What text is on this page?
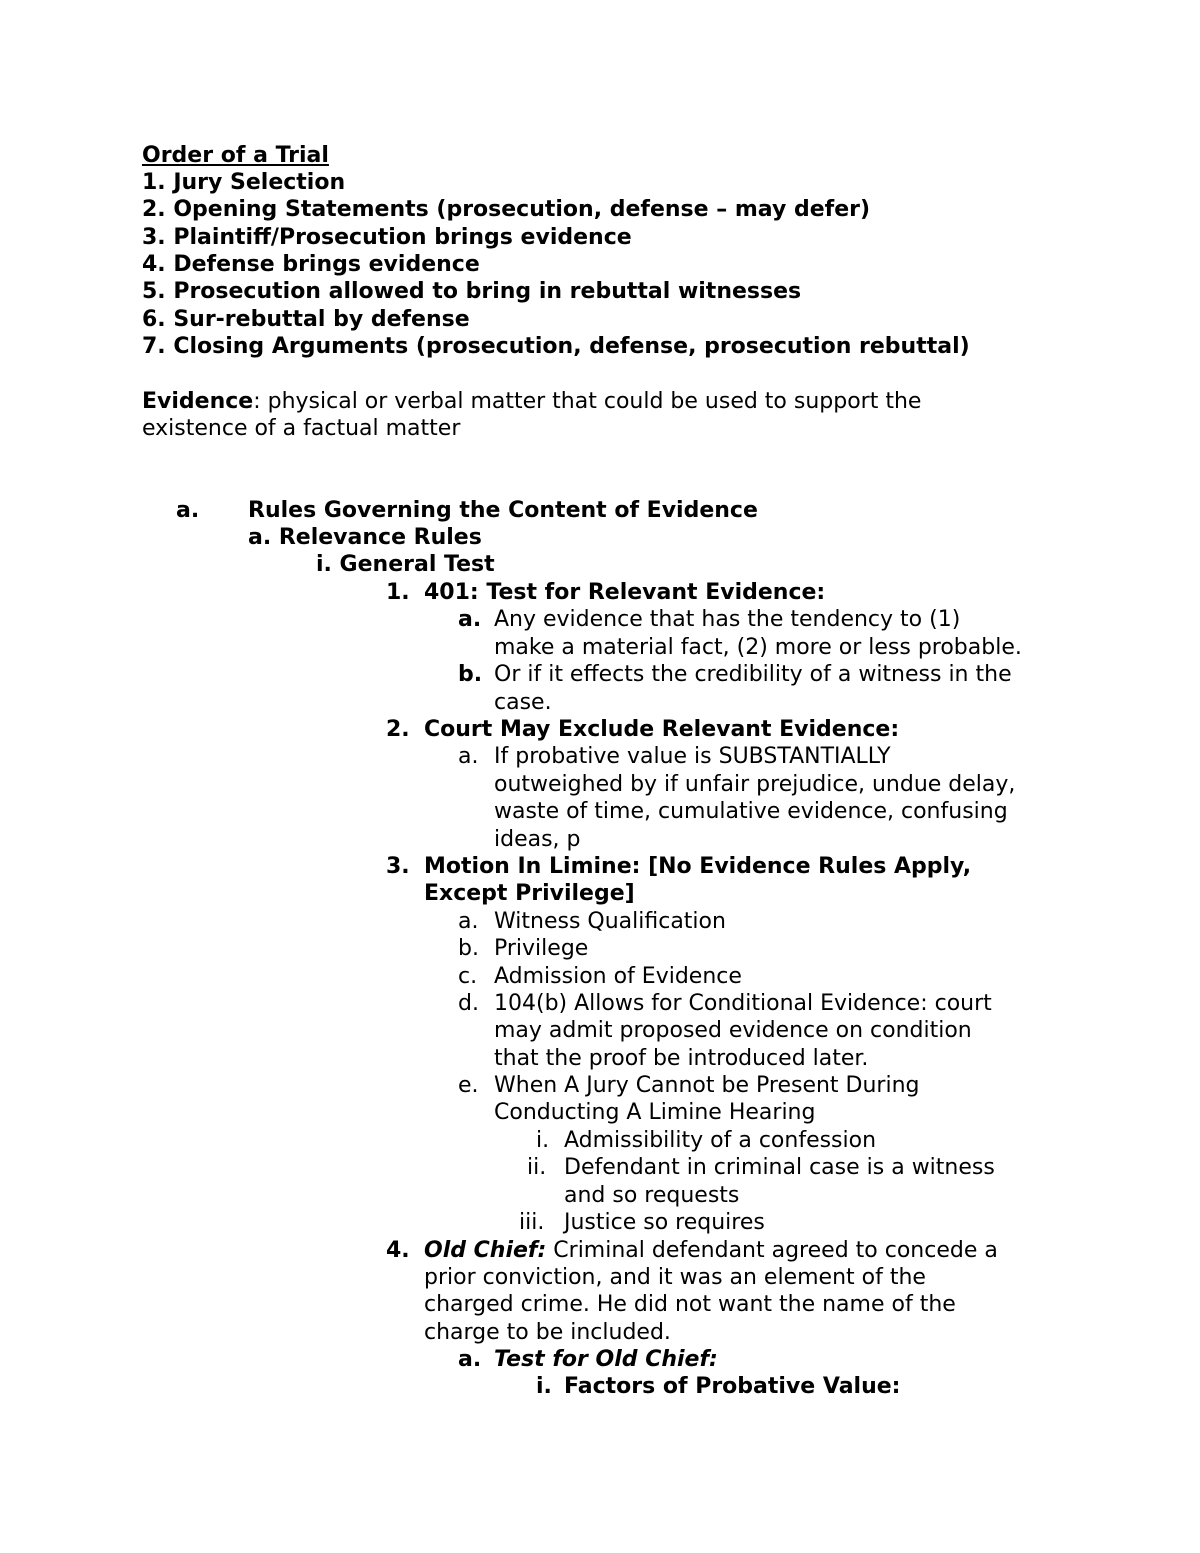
Order of a Trial
1. Jury Selection
2. Opening Statements (prosecution, defense – may defer)
3. Plaintiff/Prosecution brings evidence
4. Defense brings evidence
5. Prosecution allowed to bring in rebuttal witnesses
6. Sur-rebuttal by defense
7. Closing Arguments (prosecution, defense, prosecution rebuttal)
Evidence: physical or verbal matter that could be used to support the
existence of a factual matter
a. Rules Governing the Content of Evidence
a. Relevance Rules
i. General Test
1. 401: Test for Relevant Evidence:
a. Any evidence that has the tendency to (1)
make a material fact, (2) more or less probable.
b. Or if it effects the credibility of a witness in the
case.
2. Court May Exclude Relevant Evidence:
a. If probative value is SUBSTANTIALLY
outweighed by if unfair prejudice, undue delay,
waste of time, cumulative evidence, confusing
ideas, p
3. Motion In Limine: [No Evidence Rules Apply,
Except Privilege]
a. Witness Qualification
b. Privilege
c. Admission of Evidence
d. 104(b) Allows for Conditional Evidence: court
may admit proposed evidence on condition
that the proof be introduced later.
e. When A Jury Cannot be Present During
Conducting A Limine Hearing
i. Admissibility of a confession
ii. Defendant in criminal case is a witness
and so requests
iii. Justice so requires
4. Old Chief: Criminal defendant agreed to concede a
prior conviction, and it was an element of the
charged crime. He did not want the name of the
charge to be included.
a. Test for Old Chief:
i. Factors of Probative Value:
